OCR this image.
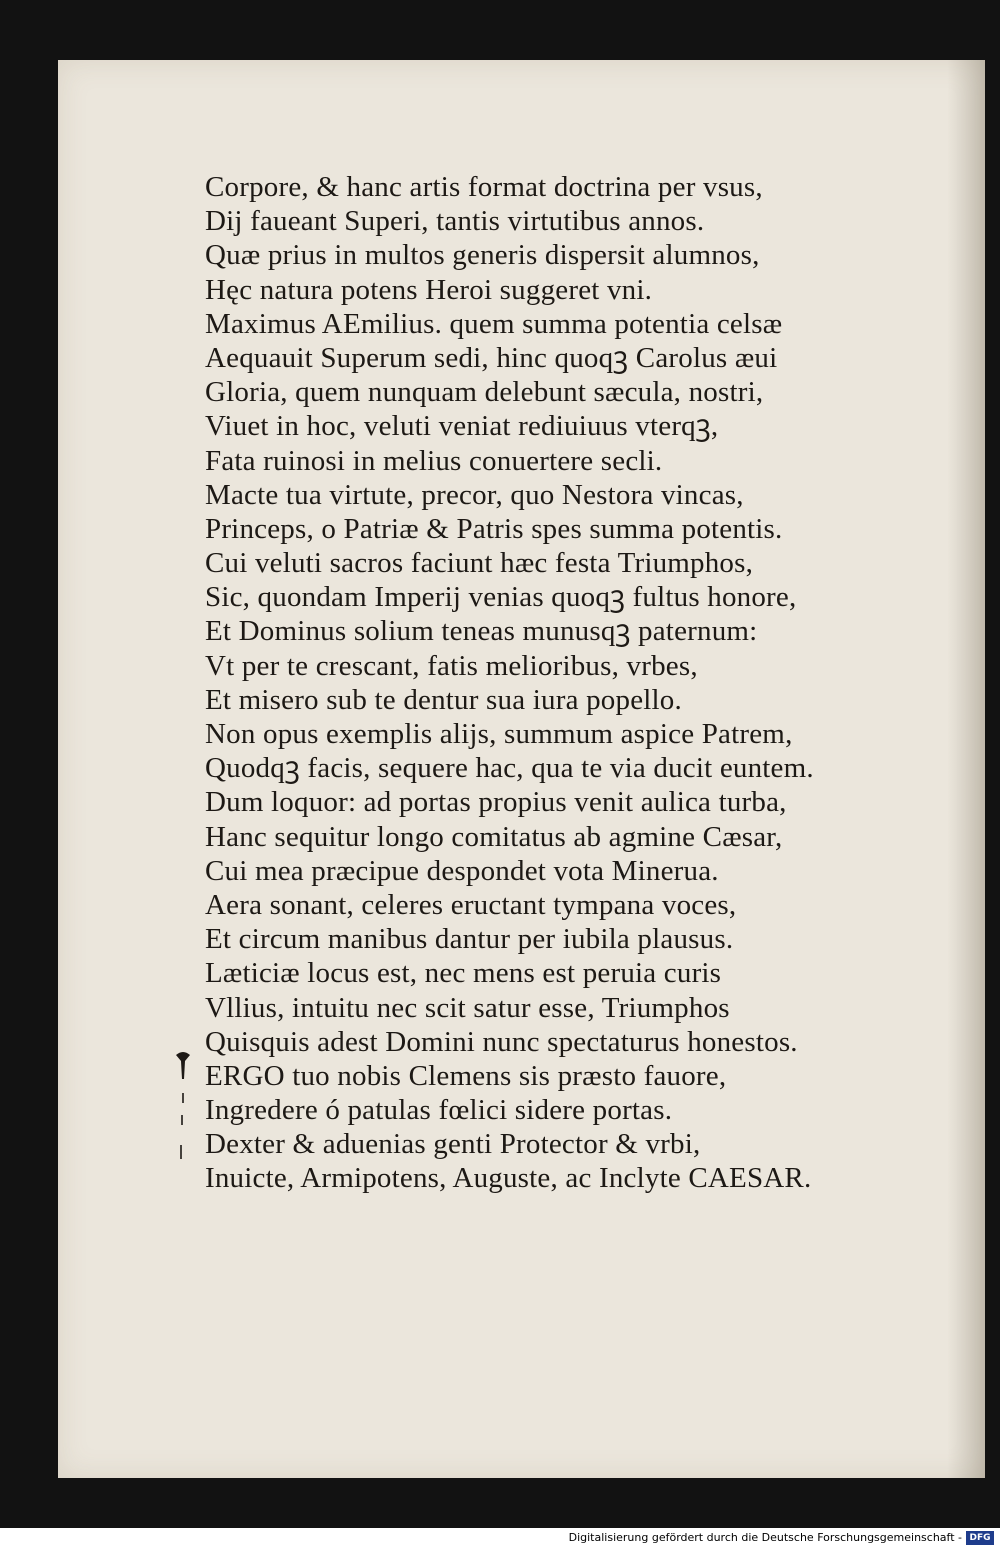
Corpore, & hanc artis format doctrina per vsus,
Dij faueant Superi, tantis virtutibus annos.
Quæ prius in multos generis dispersit alumnos,
Hęc natura potens Heroi suggeret vni.
Maximus AEmilius. quem summa potentia celsæ
Aequauit Superum sedi, hinc quoqꝫ Carolus æui
Gloria, quem nunquam delebunt sæcula, nostri,
Viuet in hoc, veluti veniat rediuiuus vterqꝫ,
Fata ruinosi in melius conuertere secli.
Macte tua virtute, precor, quo Nestora vincas,
Princeps, o Patriæ & Patris spes summa potentis.
Cui veluti sacros faciunt hæc festa Triumphos,
Sic, quondam Imperij venias quoqꝫ fultus honore,
Et Dominus solium teneas munusqꝫ paternum:
Vt per te crescant, fatis melioribus, vrbes,
Et misero sub te dentur sua iura popello.
Non opus exemplis alijs, summum aspice Patrem,
Quodqꝫ facis, sequere hac, qua te via ducit euntem.
Dum loquor: ad portas propius venit aulica turba,
Hanc sequitur longo comitatus ab agmine Cæsar,
Cui mea præcipue despondet vota Minerua.
Aera sonant, celeres eructant tympana voces,
Et circum manibus dantur per iubila plausus.
Læticiæ locus est, nec mens est peruia curis
Vllius, intuitu nec scit satur esse, Triumphos
Quisquis adest Domini nunc spectaturus honestos.
ERGO tuo nobis Clemens sis præsto fauore,
Ingredere ó patulas fœlici sidere portas.
Dexter & aduenias genti Protector & vrbi,
Inuicte, Armipotens, Auguste, ac Inclyte CAESAR.
Digitalisierung gefördert durch die Deutsche Forschungsgemeinschaft - DFG
